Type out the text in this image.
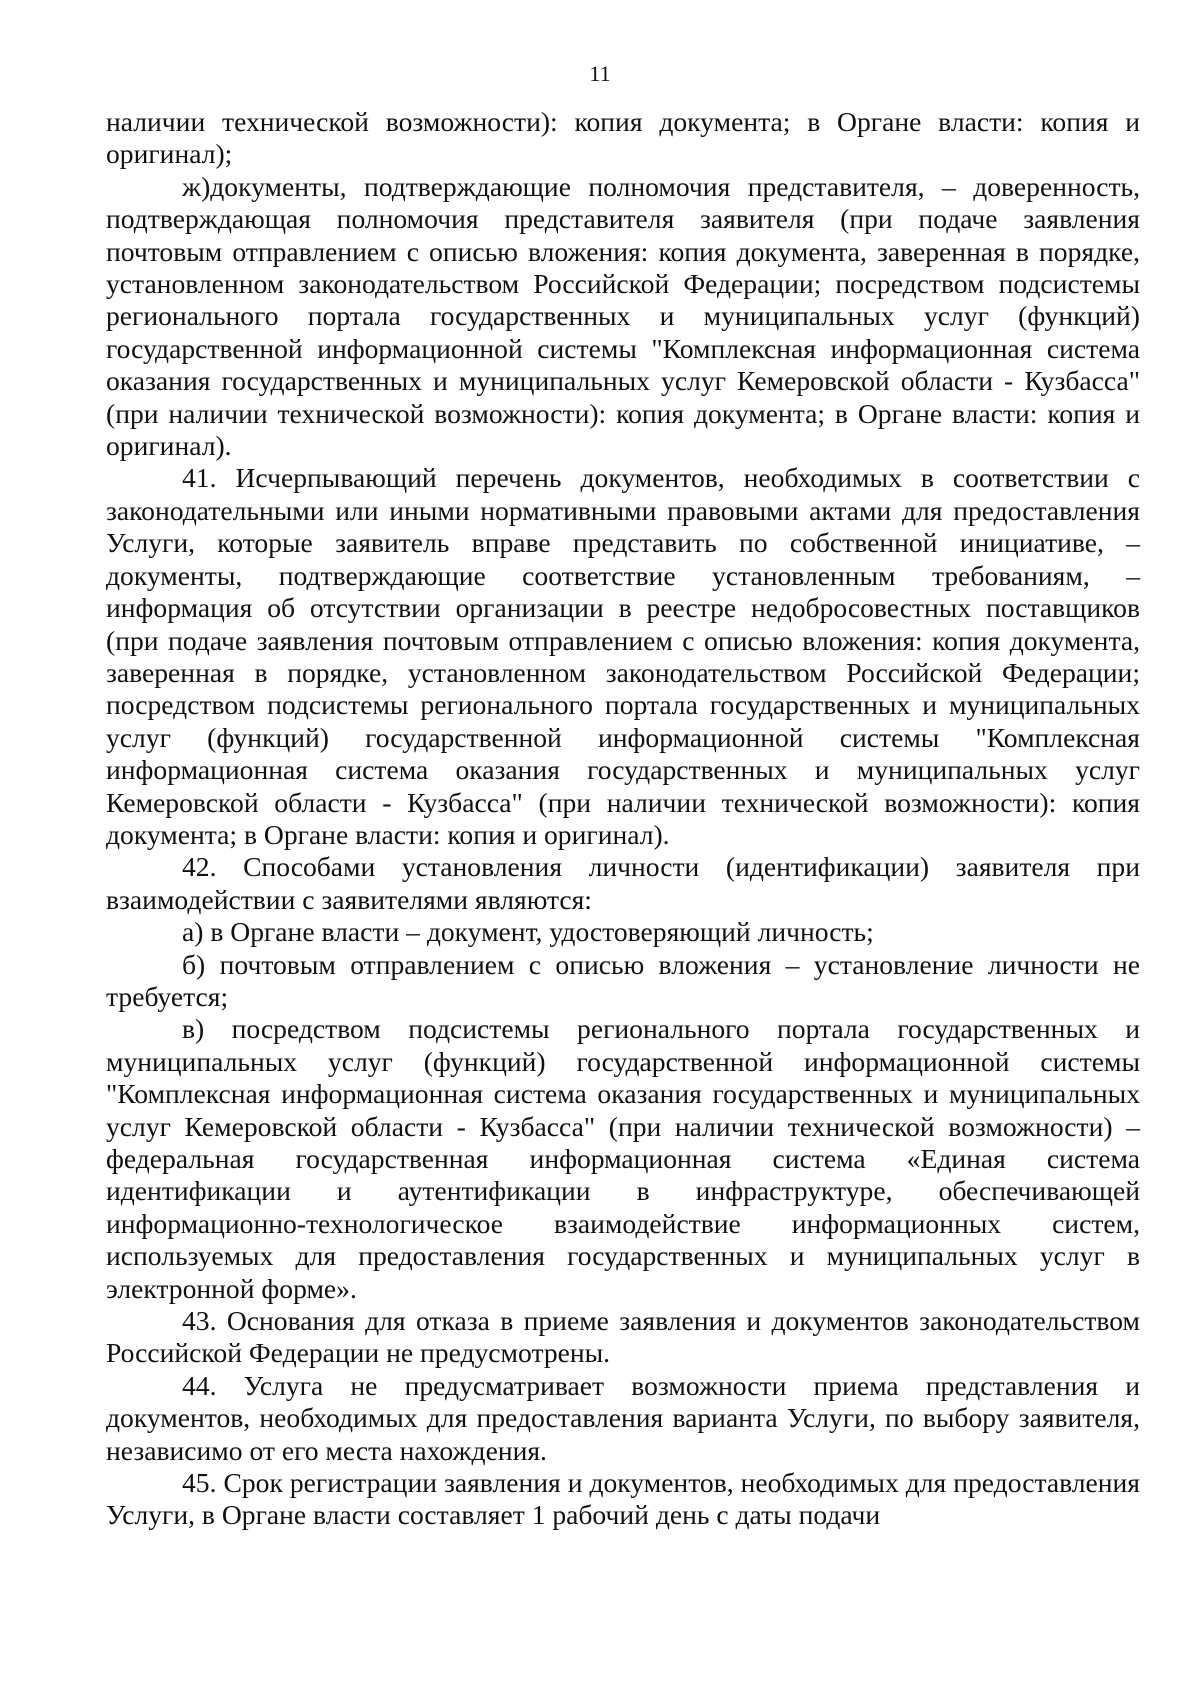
11

наличии технической возможности): копия документа; в Органе власти: копия и оригинал);

ж)документы, подтверждающие полномочия представителя, – доверенность, подтверждающая полномочия представителя заявителя (при подаче заявления почтовым отправлением с описью вложения: копия документа, заверенная в порядке, установленном законодательством Российской Федерации; посредством подсистемы регионального портала государственных и муниципальных услуг (функций) государственной информационной системы "Комплексная информационная система оказания государственных и муниципальных услуг Кемеровской области - Кузбасса" (при наличии технической возможности): копия документа; в Органе власти: копия и оригинал).

41. Исчерпывающий перечень документов, необходимых в соответствии с законодательными или иными нормативными правовыми актами для предоставления Услуги, которые заявитель вправе представить по собственной инициативе, – документы, подтверждающие соответствие установленным требованиям, – информация об отсутствии организации в реестре недобросовестных поставщиков (при подаче заявления почтовым отправлением с описью вложения: копия документа, заверенная в порядке, установленном законодательством Российской Федерации; посредством подсистемы регионального портала государственных и муниципальных услуг (функций) государственной информационной системы "Комплексная информационная система оказания государственных и муниципальных услуг Кемеровской области - Кузбасса" (при наличии технической возможности): копия документа; в Органе власти: копия и оригинал).

42. Способами установления личности (идентификации) заявителя при взаимодействии с заявителями являются:

а) в Органе власти – документ, удостоверяющий личность;

б) почтовым отправлением с описью вложения – установление личности не требуется;

в) посредством подсистемы регионального портала государственных и муниципальных услуг (функций) государственной информационной системы "Комплексная информационная система оказания государственных и муниципальных услуг Кемеровской области - Кузбасса" (при наличии технической возможности) – федеральная государственная информационная система «Единая система идентификации и аутентификации в инфраструктуре, обеспечивающей информационно-технологическое взаимодействие информационных систем, используемых для предоставления государственных и муниципальных услуг в электронной форме».

43. Основания для отказа в приеме заявления и документов законодательством Российской Федерации не предусмотрены.

44. Услуга не предусматривает возможности приема представления и документов, необходимых для предоставления варианта Услуги, по выбору заявителя, независимо от его места нахождения.

45. Срок регистрации заявления и документов, необходимых для предоставления Услуги, в Органе власти составляет 1 рабочий день с даты подачи
